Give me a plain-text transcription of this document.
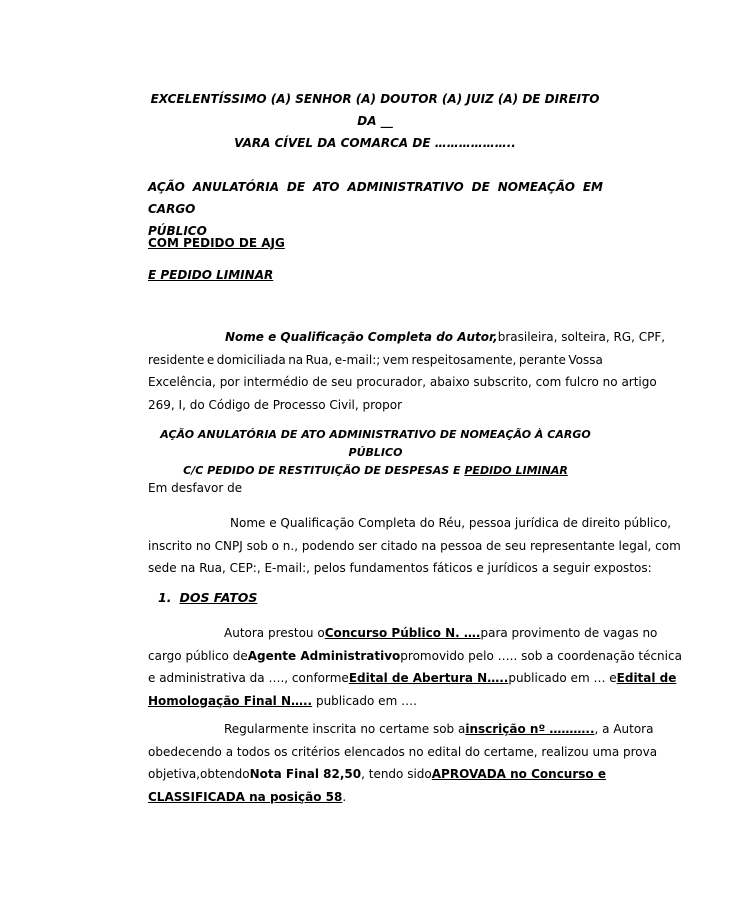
EXCELENTÍSSIMO (A) SENHOR (A) DOUTOR (A) JUIZ (A) DE DIREITO DA __
VARA CÍVEL DA COMARCA DE ………………..
AÇÃO ANULATÓRIA DE ATO ADMINISTRATIVO DE NOMEAÇÃO EM CARGO
PÚBLICO
COM PEDIDO DE AJG
E PEDIDO LIMINAR
Nome e Qualificação Completa do Autor, brasileira, solteira, RG, CPF,
residente e domiciliada na Rua, e-mail:; vem respeitosamente, perante Vossa
Excelência, por intermédio de seu procurador, abaixo subscrito, com fulcro no artigo
269, I, do Código de Processo Civil, propor
AÇÃO ANULATÓRIA DE ATO ADMINISTRATIVO DE NOMEAÇÃO À CARGO PÚBLICO
C/C PEDIDO DE RESTITUIÇÃO DE DESPESAS E PEDIDO LIMINAR
Em desfavor de
Nome e Qualificação Completa do Réu, pessoa jurídica de direito público,
inscrito no CNPJ sob o n., podendo ser citado na pessoa de seu representante legal, com
sede na Rua, CEP:, E-mail:, pelos fundamentos fáticos e jurídicos a seguir expostos:
1. DOS FATOS
Autora prestou o Concurso Público N. …. para provimento de vagas no
cargo público de Agente Administrativo promovido pelo ….. sob a coordenação técnica
e administrativa da …., conforme Edital de Abertura N….. publicado em … e Edital de
Homologação Final N….. publicado em ….
Regularmente inscrita no certame sob a inscrição nº ……….., a Autora
obedecendo a todos os critérios elencados no edital do certame, realizou uma prova
objetiva, obtendo Nota Final 82,50, tendo sido APROVADA no Concurso e
CLASSIFICADA na posição 58.
